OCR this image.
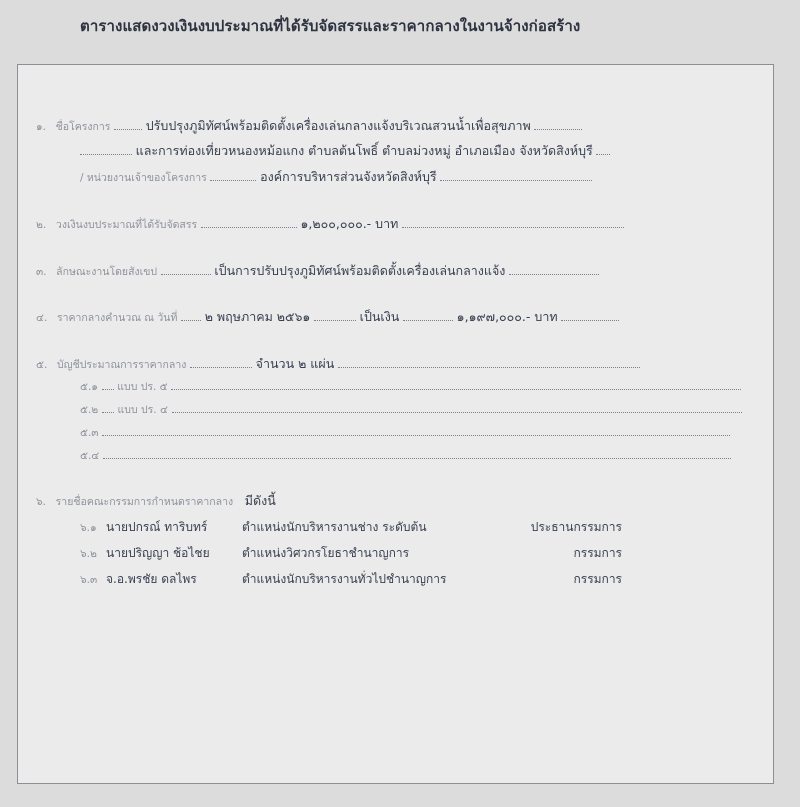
ตารางแสดงวงเงินงบประมาณที่ได้รับจัดสรรและราคากลางในงานจ้างก่อสร้าง
๑. ชื่อโครงการ	ปรับปรุงภูมิทัศน์พร้อมติดตั้งเครื่องเล่นกลางแจ้งบริเวณสวนน้ำเพื่อสุขภาพ
และการท่องเที่ยวหนองหม้อแกง ตำบลต้นโพธิ์ ตำบลม่วงหมู่ อำเภอเมือง จังหวัดสิงห์บุรี
/ หน่วยงานเจ้าของโครงการ	องค์การบริหารส่วนจังหวัดสิงห์บุรี
๒. วงเงินงบประมาณที่ได้รับจัดสรร	๑,๒๐๐,๐๐๐.- บาท
๓. ลักษณะงานโดยสังเขป	เป็นการปรับปรุงภูมิทัศน์พร้อมติดตั้งเครื่องเล่นกลางแจ้ง
๔. ราคากลางคำนวณ ณ วันที่ ๒ พฤษภาคม ๒๕๖๑	เป็นเงิน	๑,๑๙๗,๐๐๐.- บาท
๕. บัญชีประมาณการราคากลาง	จำนวน ๒ แผ่น
๕.๑ แบบ ปร. ๕
๕.๒ แบบ ปร. ๔
๕.๓
๕.๔
๖. รายชื่อคณะกรรมการกำหนดราคากลาง มีดังนี้
๖.๑ นายปกรณ์ ทาริบทร์	ตำแหน่งนักบริหารงานช่าง ระดับต้น	ประธานกรรมการ
๖.๒ นายปริญญา ช้อไชย	ตำแหน่งวิศวกรโยธาชำนาญการ	กรรมการ
๖.๓ จ.อ.พรชัย ดลไพร	ตำแหน่งนักบริหารงานทั่วไปชำนาญการ	กรรมการ
